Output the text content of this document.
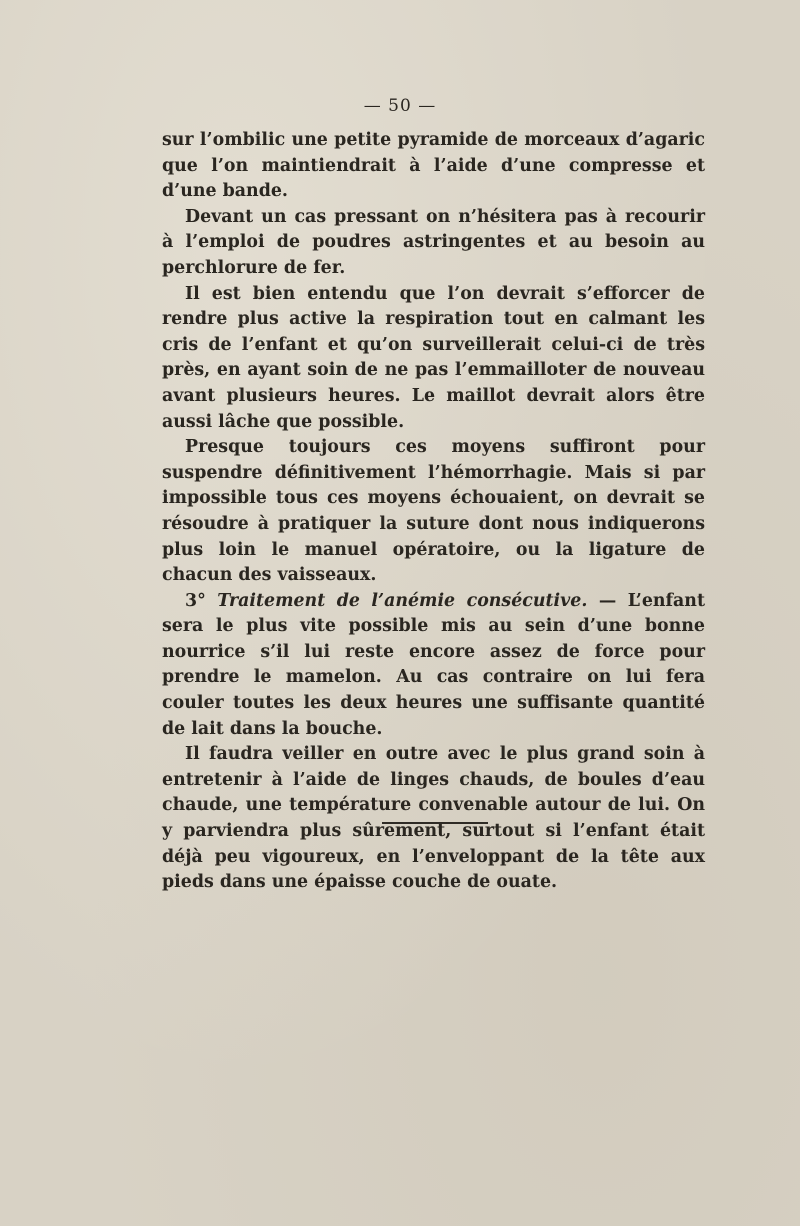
— 50 —

sur l’ombilic une petite pyramide de morceaux d’agaric que l’on maintiendrait à l’aide d’une compresse et d’une bande.

Devant un cas pressant on n’hésitera pas à recourir à l’emploi de poudres astringentes et au besoin au perchlorure de fer.

Il est bien entendu que l’on devrait s’efforcer de rendre plus active la respiration tout en calmant les cris de l’enfant et qu’on surveillerait celui-ci de très près, en ayant soin de ne pas l’emmailloter de nouveau avant plusieurs heures. Le maillot devrait alors être aussi lâche que possible.

Presque toujours ces moyens suffiront pour suspendre définitivement l’hémorrhagie. Mais si par impossible tous ces moyens échouaient, on devrait se résoudre à pratiquer la suture dont nous indiquerons plus loin le manuel opératoire, ou la ligature de chacun des vaisseaux.

3° Traitement de l’anémie consécutive. — L’enfant sera le plus vite possible mis au sein d’une bonne nourrice s’il lui reste encore assez de force pour prendre le mamelon. Au cas contraire on lui fera couler toutes les deux heures une suffisante quantité de lait dans la bouche.

Il faudra veiller en outre avec le plus grand soin à entretenir à l’aide de linges chauds, de boules d’eau chaude, une température convenable autour de lui. On y parviendra plus sûrement, surtout si l’enfant était déjà peu vigoureux, en l’enveloppant de la tête aux pieds dans une épaisse couche de ouate.
